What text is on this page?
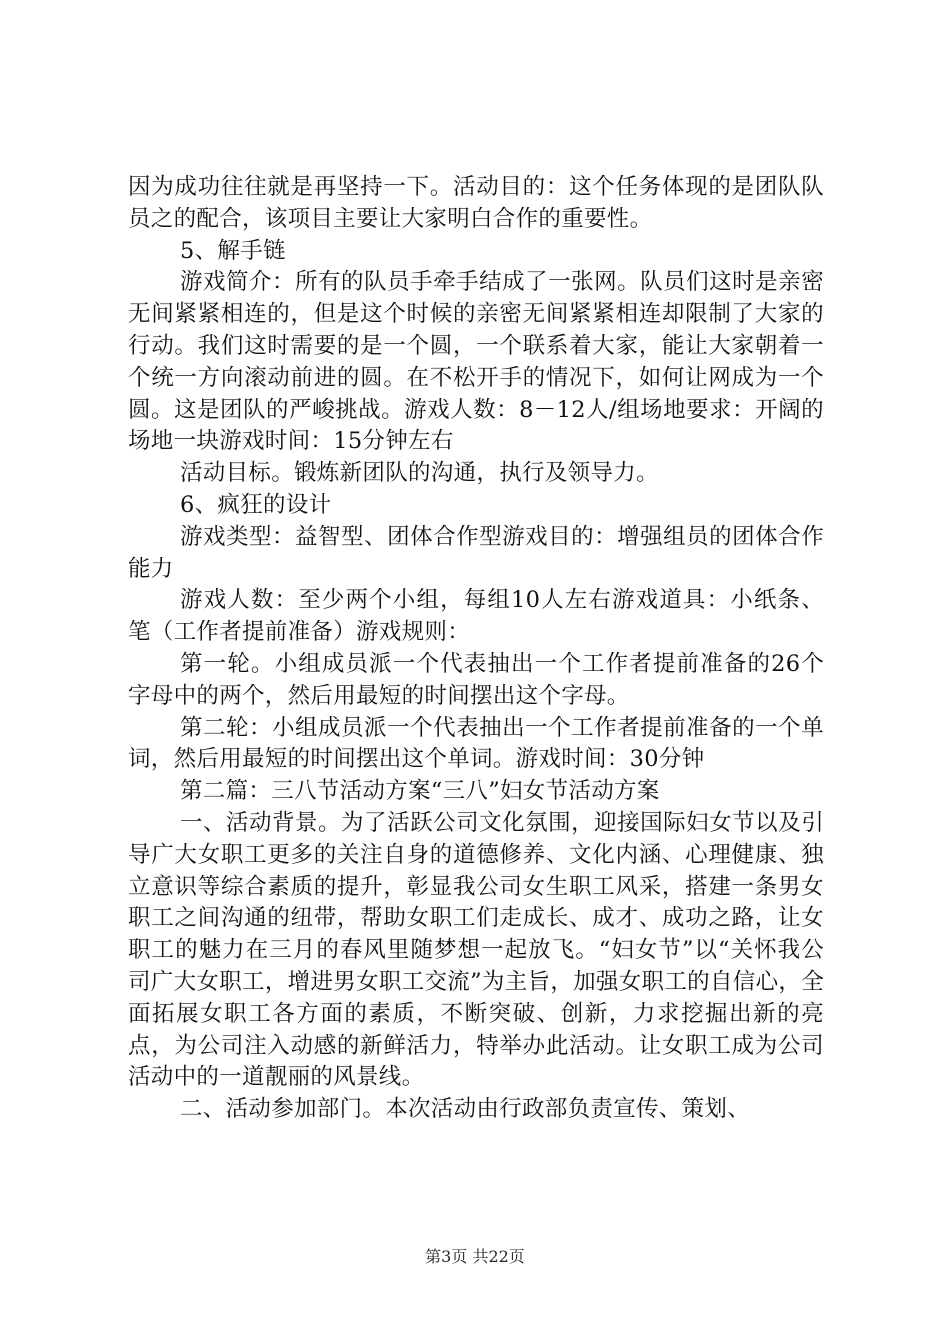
因为成功往往就是再坚持一下。活动目的：这个任务体现的是团队队员之的配合，该项目主要让大家明白合作的重要性。

5、解手链

游戏简介：所有的队员手牵手结成了一张网。队员们这时是亲密无间紧紧相连的，但是这个时候的亲密无间紧紧相连却限制了大家的行动。我们这时需要的是一个圆，一个联系着大家，能让大家朝着一个统一方向滚动前进的圆。在不松开手的情况下，如何让网成为一个圆。这是团队的严峻挑战。游戏人数：8－12人/组场地要求：开阔的场地一块游戏时间：15分钟左右

活动目标。锻炼新团队的沟通，执行及领导力。

6、疯狂的设计

游戏类型：益智型、团体合作型游戏目的：增强组员的团体合作能力

游戏人数：至少两个小组，每组10人左右游戏道具：小纸条、笔（工作者提前准备）游戏规则：

第一轮。小组成员派一个代表抽出一个工作者提前准备的26个字母中的两个，然后用最短的时间摆出这个字母。

第二轮：小组成员派一个代表抽出一个工作者提前准备的一个单词，然后用最短的时间摆出这个单词。游戏时间：30分钟

第二篇：三八节活动方案“三八”妇女节活动方案

一、活动背景。为了活跃公司文化氛围，迎接国际妇女节以及引导广大女职工更多的关注自身的道德修养、文化内涵、心理健康、独立意识等综合素质的提升，彰显我公司女生职工风采，搭建一条男女职工之间沟通的纽带，帮助女职工们走成长、成才、成功之路，让女职工的魅力在三月的春风里随梦想一起放飞。“妇女节”以“关怀我公司广大女职工，增进男女职工交流”为主旨，加强女职工的自信心，全面拓展女职工各方面的素质，不断突破、创新，力求挖掘出新的亮点，为公司注入动感的新鲜活力，特举办此活动。让女职工成为公司活动中的一道靓丽的风景线。

二、活动参加部门。本次活动由行政部负责宣传、策划、

第3页 共22页
